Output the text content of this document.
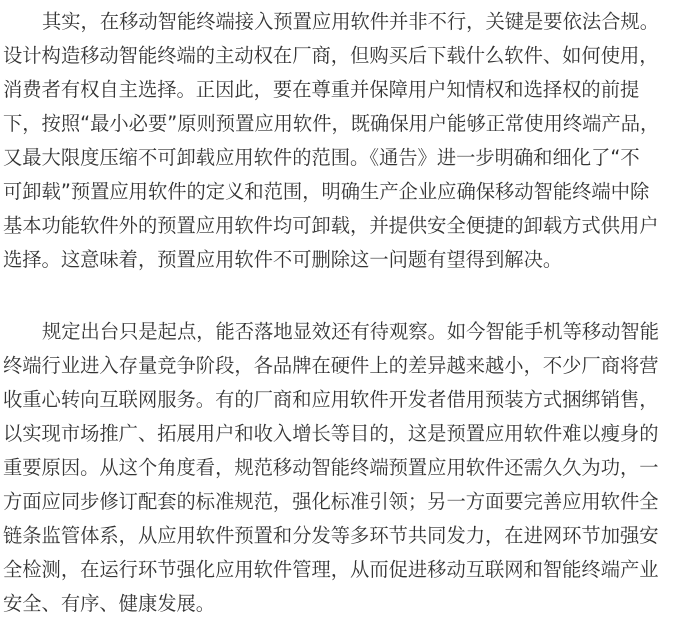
其实，在移动智能终端接入预置应用软件并非不行，关键是要依法合规。
设计构造移动智能终端的主动权在厂商，但购买后下载什么软件、如何使用，
消费者有权自主选择。正因此，要在尊重并保障用户知情权和选择权的前提
下，按照“最小必要”原则预置应用软件，既确保用户能够正常使用终端产品，
又最大限度压缩不可卸载应用软件的范围。《通告》进一步明确和细化了“不
可卸载”预置应用软件的定义和范围，明确生产企业应确保移动智能终端中除
基本功能软件外的预置应用软件均可卸载，并提供安全便捷的卸载方式供用户
选择。这意味着，预置应用软件不可删除这一问题有望得到解决。
规定出台只是起点，能否落地显效还有待观察。如今智能手机等移动智能
终端行业进入存量竞争阶段，各品牌在硬件上的差异越来越小，不少厂商将营
收重心转向互联网服务。有的厂商和应用软件开发者借用预装方式捆绑销售，
以实现市场推广、拓展用户和收入增长等目的，这是预置应用软件难以瘦身的
重要原因。从这个角度看，规范移动智能终端预置应用软件还需久久为功，一
方面应同步修订配套的标准规范，强化标准引领；另一方面要完善应用软件全
链条监管体系，从应用软件预置和分发等多环节共同发力，在进网环节加强安
全检测，在运行环节强化应用软件管理，从而促进移动互联网和智能终端产业
安全、有序、健康发展。
